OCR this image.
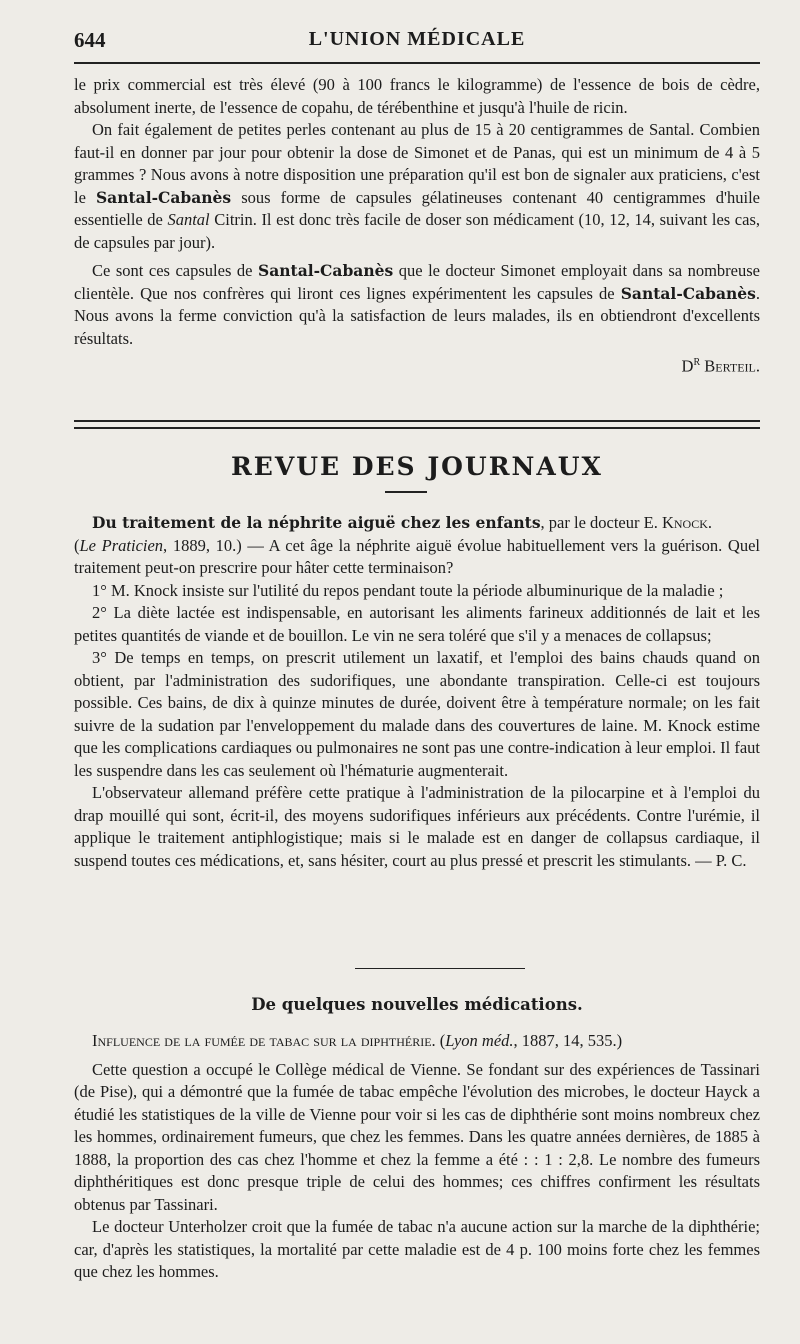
644	L'UNION MÉDICALE

le prix commercial est très élevé (90 à 100 francs le kilogramme) de l'essence de bois de cèdre, absolument inerte, de l'essence de copahu, de térébenthine et jusqu'à l'huile de ricin.

On fait également de petites perles contenant au plus de 15 à 20 centigrammes de Santal. Combien faut-il en donner par jour pour obtenir la dose de Simonet et de Panas, qui est un minimum de 4 à 5 grammes ? Nous avons à notre disposition une préparation qu'il est bon de signaler aux praticiens, c'est le Santal-Cabanès sous forme de capsules gélatineuses contenant 40 centigrammes d'huile essentielle de Santal Citrin. Il est donc très facile de doser son médicament (10, 12, 14, suivant les cas, de capsules par jour).

Ce sont ces capsules de Santal-Cabanès que le docteur Simonet employait dans sa nombreuse clientèle. Que nos confrères qui liront ces lignes expérimentent les capsules de Santal-Cabanès. Nous avons la ferme conviction qu'à la satisfaction de leurs malades, ils en obtiendront d'excellents résultats.

$D^r$ Berteil.

REVUE DES JOURNAUX

Du traitement de la néphrite aiguë chez les enfants, par le docteur E. Knock.
(Le Praticien, 1889, 10.) — A cet âge la néphrite aiguë évolue habituellement vers la guérison. Quel traitement peut-on prescrire pour hâter cette terminaison?

1° M. Knock insiste sur l'utilité du repos pendant toute la période albuminurique de la maladie ;

2° La diète lactée est indispensable, en autorisant les aliments farineux additionnés de lait et les petites quantités de viande et de bouillon. Le vin ne sera toléré que s'il y a menaces de collapsus;

3° De temps en temps, on prescrit utilement un laxatif, et l'emploi des bains chauds quand on obtient, par l'administration des sudorifiques, une abondante transpiration. Celle-ci est toujours possible. Ces bains, de dix à quinze minutes de durée, doivent être à température normale; on les fait suivre de la sudation par l'enveloppement du malade dans des couvertures de laine. M. Knock estime que les complications cardiaques ou pulmonaires ne sont pas une contre-indication à leur emploi. Il faut les suspendre dans les cas seulement où l'hématurie augmenterait.

L'observateur allemand préfère cette pratique à l'administration de la pilocarpine et à l'emploi du drap mouillé qui sont, écrit-il, des moyens sudorifiques inférieurs aux précédents. Contre l'urémie, il applique le traitement antiphlogistique; mais si le malade est en danger de collapsus cardiaque, il suspend toutes ces médications, et, sans hésiter, court au plus pressé et prescrit les stimulants. — P. C.

De quelques nouvelles médications.

Influence de la fumée de tabac sur la diphthérie. (Lyon méd., 1887, 14, 535.)

Cette question a occupé le Collège médical de Vienne. Se fondant sur des expériences de Tassinari (de Pise), qui a démontré que la fumée de tabac empêche l'évolution des microbes, le docteur Hayck a étudié les statistiques de la ville de Vienne pour voir si les cas de diphthérie sont moins nombreux chez les hommes, ordinairement fumeurs, que chez les femmes. Dans les quatre années dernières, de 1885 à 1888, la proportion des cas chez l'homme et chez la femme a été : : 1 : 2,8. Le nombre des fumeurs diphthéritiques est donc presque triple de celui des hommes; ces chiffres confirment les résultats obtenus par Tassinari.

Le docteur Unterholzer croit que la fumée de tabac n'a aucune action sur la marche de la diphthérie; car, d'après les statistiques, la mortalité par cette maladie est de 4 p. 100 moins forte chez les femmes que chez les hommes.
